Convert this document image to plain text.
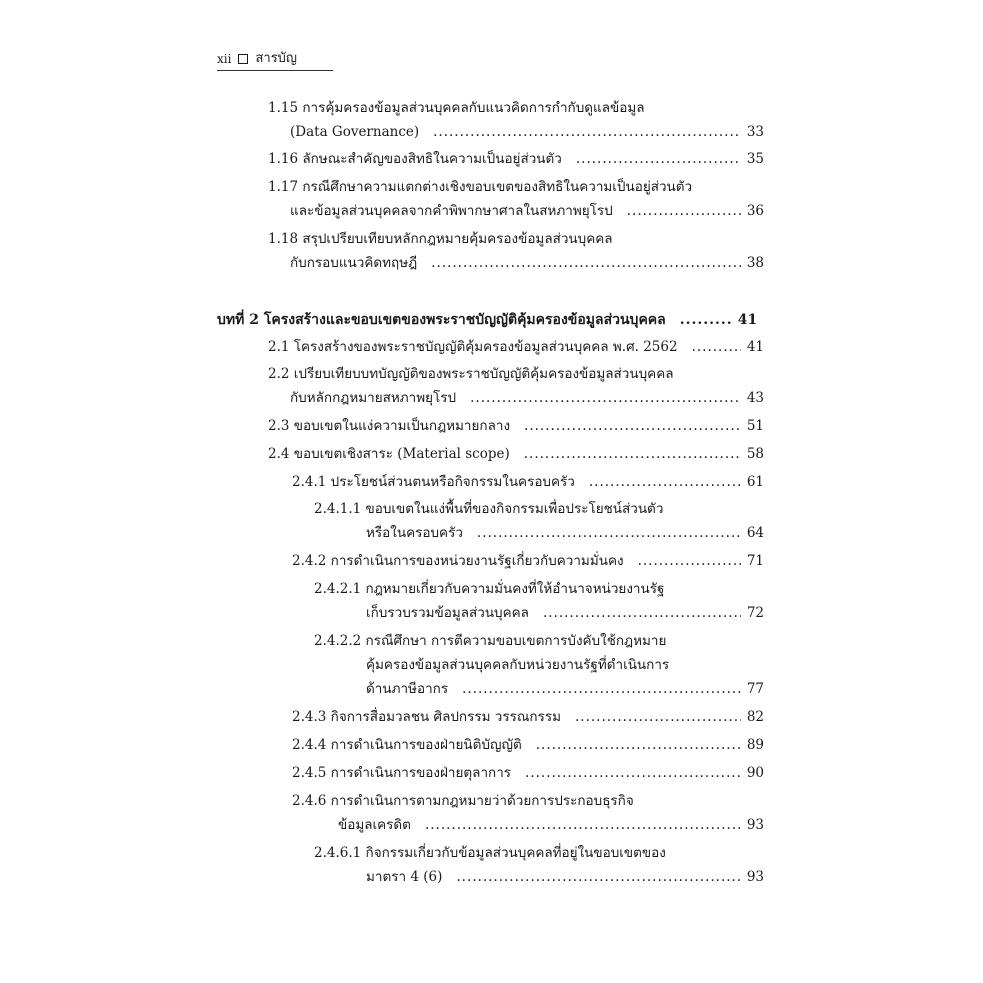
xii สารบัญ
1.15 การคุ้มครองข้อมูลส่วนบุคคลกับแนวคิดการกำกับดูแลข้อมูล
(Data Governance) .....	33
1.16 ลักษณะสำคัญของสิทธิในความเป็นอยู่ส่วนตัว .....	35
1.17 กรณีศึกษาความแตกต่างเชิงขอบเขตของสิทธิในความเป็นอยู่ส่วนตัว
และข้อมูลส่วนบุคคลจากคำพิพากษาศาลในสหภาพยุโรป .....	36
1.18 สรุปเปรียบเทียบหลักกฎหมายคุ้มครองข้อมูลส่วนบุคคล
กับกรอบแนวคิดทฤษฎี .....	38
บทที่ 2 โครงสร้างและขอบเขตของพระราชบัญญัติคุ้มครองข้อมูลส่วนบุคคล .....	41
2.1 โครงสร้างของพระราชบัญญัติคุ้มครองข้อมูลส่วนบุคคล พ.ศ. 2562 .....	41
2.2 เปรียบเทียบบทบัญญัติของพระราชบัญญัติคุ้มครองข้อมูลส่วนบุคคล
กับหลักกฎหมายสหภาพยุโรป .....	43
2.3 ขอบเขตในแง่ความเป็นกฎหมายกลาง .....	51
2.4 ขอบเขตเชิงสาระ (Material scope) .....	58
2.4.1 ประโยชน์ส่วนตนหรือกิจกรรมในครอบครัว .....	61
2.4.1.1 ขอบเขตในแง่พื้นที่ของกิจกรรมเพื่อประโยชน์ส่วนตัว
หรือในครอบครัว .....	64
2.4.2 การดำเนินการของหน่วยงานรัฐเกี่ยวกับความมั่นคง .....	71
2.4.2.1 กฎหมายเกี่ยวกับความมั่นคงที่ให้อำนาจหน่วยงานรัฐ
เก็บรวบรวมข้อมูลส่วนบุคคล .....	72
2.4.2.2 กรณีศึกษา การตีความขอบเขตการบังคับใช้กฎหมาย
คุ้มครองข้อมูลส่วนบุคคลกับหน่วยงานรัฐที่ดำเนินการ
ด้านภาษีอากร .....	77
2.4.3 กิจการสื่อมวลชน ศิลปกรรม วรรณกรรม .....	82
2.4.4 การดำเนินการของฝ่ายนิติบัญญัติ .....	89
2.4.5 การดำเนินการของฝ่ายตุลาการ .....	90
2.4.6 การดำเนินการตามกฎหมายว่าด้วยการประกอบธุรกิจ
ข้อมูลเครดิต .....	93
2.4.6.1 กิจกรรมเกี่ยวกับข้อมูลส่วนบุคคลที่อยู่ในขอบเขตของ
มาตรา 4 (6) .....	93
